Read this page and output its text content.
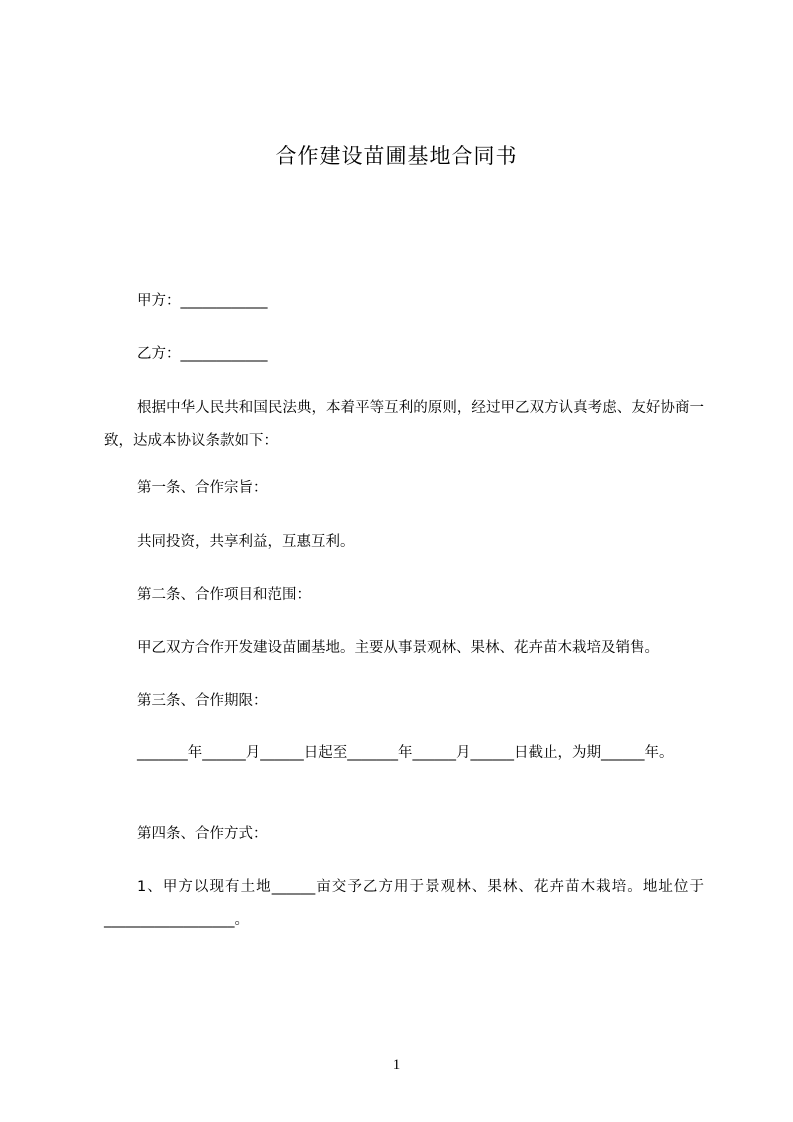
合作建设苗圃基地合同书
甲方：____________
乙方：____________
根据中华人民共和国民法典，本着平等互利的原则，经过甲乙双方认真考虑、友好协商一致，达成本协议条款如下：
第一条、合作宗旨：
共同投资，共享利益，互惠互利。
第二条、合作项目和范围：
甲乙双方合作开发建设苗圃基地。主要从事景观林、果林、花卉苗木栽培及销售。
第三条、合作期限：
_______年______月______日起至_______年______月______日截止，为期______年。
第四条、合作方式：
1、甲方以现有土地______亩交予乙方用于景观林、果林、花卉苗木栽培。地址位于__________________。
1
